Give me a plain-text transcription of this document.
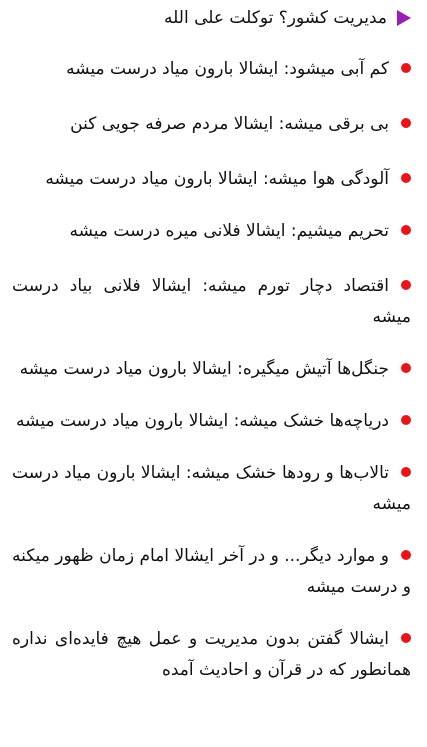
مدیریت کشور؟ توکلت علی الله
کم آبی میشود: ایشالا بارون میاد درست میشه
بی برقی میشه: ایشالا مردم صرفه جویی کنن
آلودگی هوا میشه: ایشالا بارون میاد درست میشه
تحریم میشیم: ایشالا فلانی میره درست میشه
اقتصاد دچار تورم میشه: ایشالا فلانی بیاد درست میشه
جنگل‌ها آتیش میگیره: ایشالا بارون میاد درست میشه
دریاچه‌ها خشک میشه: ایشالا بارون میاد درست میشه
تالاب‌ها و رودها خشک میشه: ایشالا بارون میاد درست میشه
و موارد دیگر... و در آخر ایشالا امام زمان ظهور میکنه و درست میشه
ایشالا گفتن بدون مدیریت و عمل هیچ فایده‌ای نداره همانطور که در قرآن و احادیث آمده
